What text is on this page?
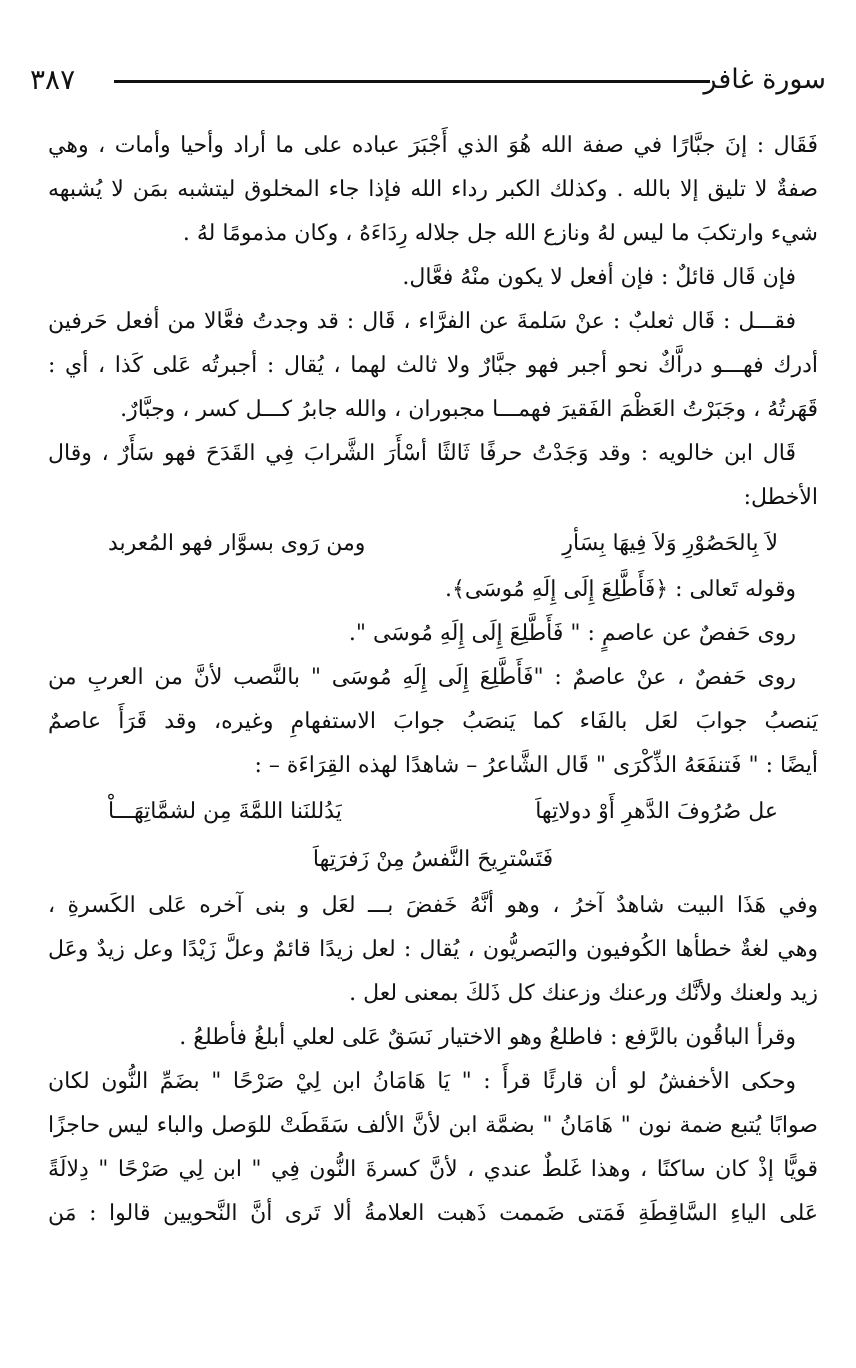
٣٨٧	سورة غافر
فَقَال : إنَ جبَّارًا في صفة الله هُوَ الذي أَجْبَرَ عباده على ما أراد وأحيا وأمات ، وهي
صفةٌ لا تليق إلا بالله . وكذلك الكبر رداء الله فإذا جاء المخلوق ليتشبه بمَن لا يُشبهه
شيء وارتكبَ ما ليس لهُ ونازع الله جل جلاله رِدَاءَهُ ، وكان مذمومًا لهُ .
فإن قَال قائلٌ : فإن أفعل لا يكون منْهُ فعَّال.
فقـــل : قَال ثعلبٌ : عنْ سَلمةَ عن الفرَّاء ، قَال : قد وجدتُ فعَّالا من أفعل حَرفين
أدرك فهـــو دراَّكٌ نحو أجبر فهو جبَّارٌ ولا ثالث لهما ، يُقال : أجبرتُه عَلى كَذا ، أي :
قَهَرتُهُ ، وجَبَرْتُ العَظْمَ الفَقيرَ فهمـــا مجبوران ، والله جابرُ كـــل كسر ، وجبَّارٌ.
قَال ابن خالويه : وقد وَجَدْتُ حرفًا ثَالثًا أسْأَرَ الشَّرابَ فِي القَدَحَ فهو سَأَرٌ ، وقال
الأخطل:
لاَ بِالحَصُوْرِ وَلاَ فِيهَا بِسَأرِ
ومن رَوى بسوَّار فهو المُعربد
وقوله تَعالى : ﴿فَأَطَّلِعَ إِلَى إِلَهِ مُوسَى﴾.
روى حَفصٌ عن عاصمٍ : " فَأَطَّلِعَ إِلَى إِلَهِ مُوسَى ".
روى حَفصٌ ، عنْ عاصمٌ : "فَأَطَّلِعَ إِلَى إِلَهِ مُوسَى " بالنَّصب لأنَّ من العربِ من
يَنصبُ جوابَ لعَل بالفَاء كما يَنصَبُ جوابَ الاستفهامِ وغيره، وقد قَرَأَ عاصمٌ
أيضًا : " فَتنفَعَهُ الذِّكْرَى " قَال الشَّاعرُ – شاهدًا لهذه القِرَاءَة – :
عل صُرُوفَ الدَّهرِ أَوْ دولاتِهاَ
يَدُللنَنا اللمَّةَ مِن لشمَّاتِهَـــاْ
فَتَسْترِيحَ النَّفسُ مِنْ زَفرَتِهاَ
وفي هَذَا البيت شاهدٌ آخرُ ، وهو أنَّهُ خَفضَ بـــ لعَل و بنى آخره عَلى الكَسرةِ ،
وهي لغةٌ خطأها الكُوفيون والبَصريُّون ، يُقال : لعل زيدًا قائمٌ وعلَّ زَيْدًا وعل زيدٌ وعَل
زيد ولعنك ولأنَّك ورعنك وزعنك كل ذَلكَ بمعنى لعل .
وقرأ الباقُون بالرَّفع : فاطلعُ وهو الاختيار نَسَقٌ عَلى لعلي أبلغُ فأطلعُ .
وحكى الأخفشُ لو أن قارئًا قرأَ : " يَا هَامَانُ ابن لِيْ صَرْحًا " بضَمِّ النُّون لكان
صوابًا يُتبع ضمة نون " هَامَانُ " بضمَّة ابن لأنَّ الألف سَقَطَتْ للوَصل والباء ليس حاجزًا
قويًّا إذْ كان ساكنًا ، وهذا غَلطٌ عندي ، لأنَّ كسرةَ النُّون فِي " ابن لِي صَرْحًا " دِلالَةً
عَلى الياءِ السَّاقِطَةِ فَمَتى ضَممت ذَهبت العلامةُ ألا تَرى أنَّ النَّحويين قالوا : مَن
